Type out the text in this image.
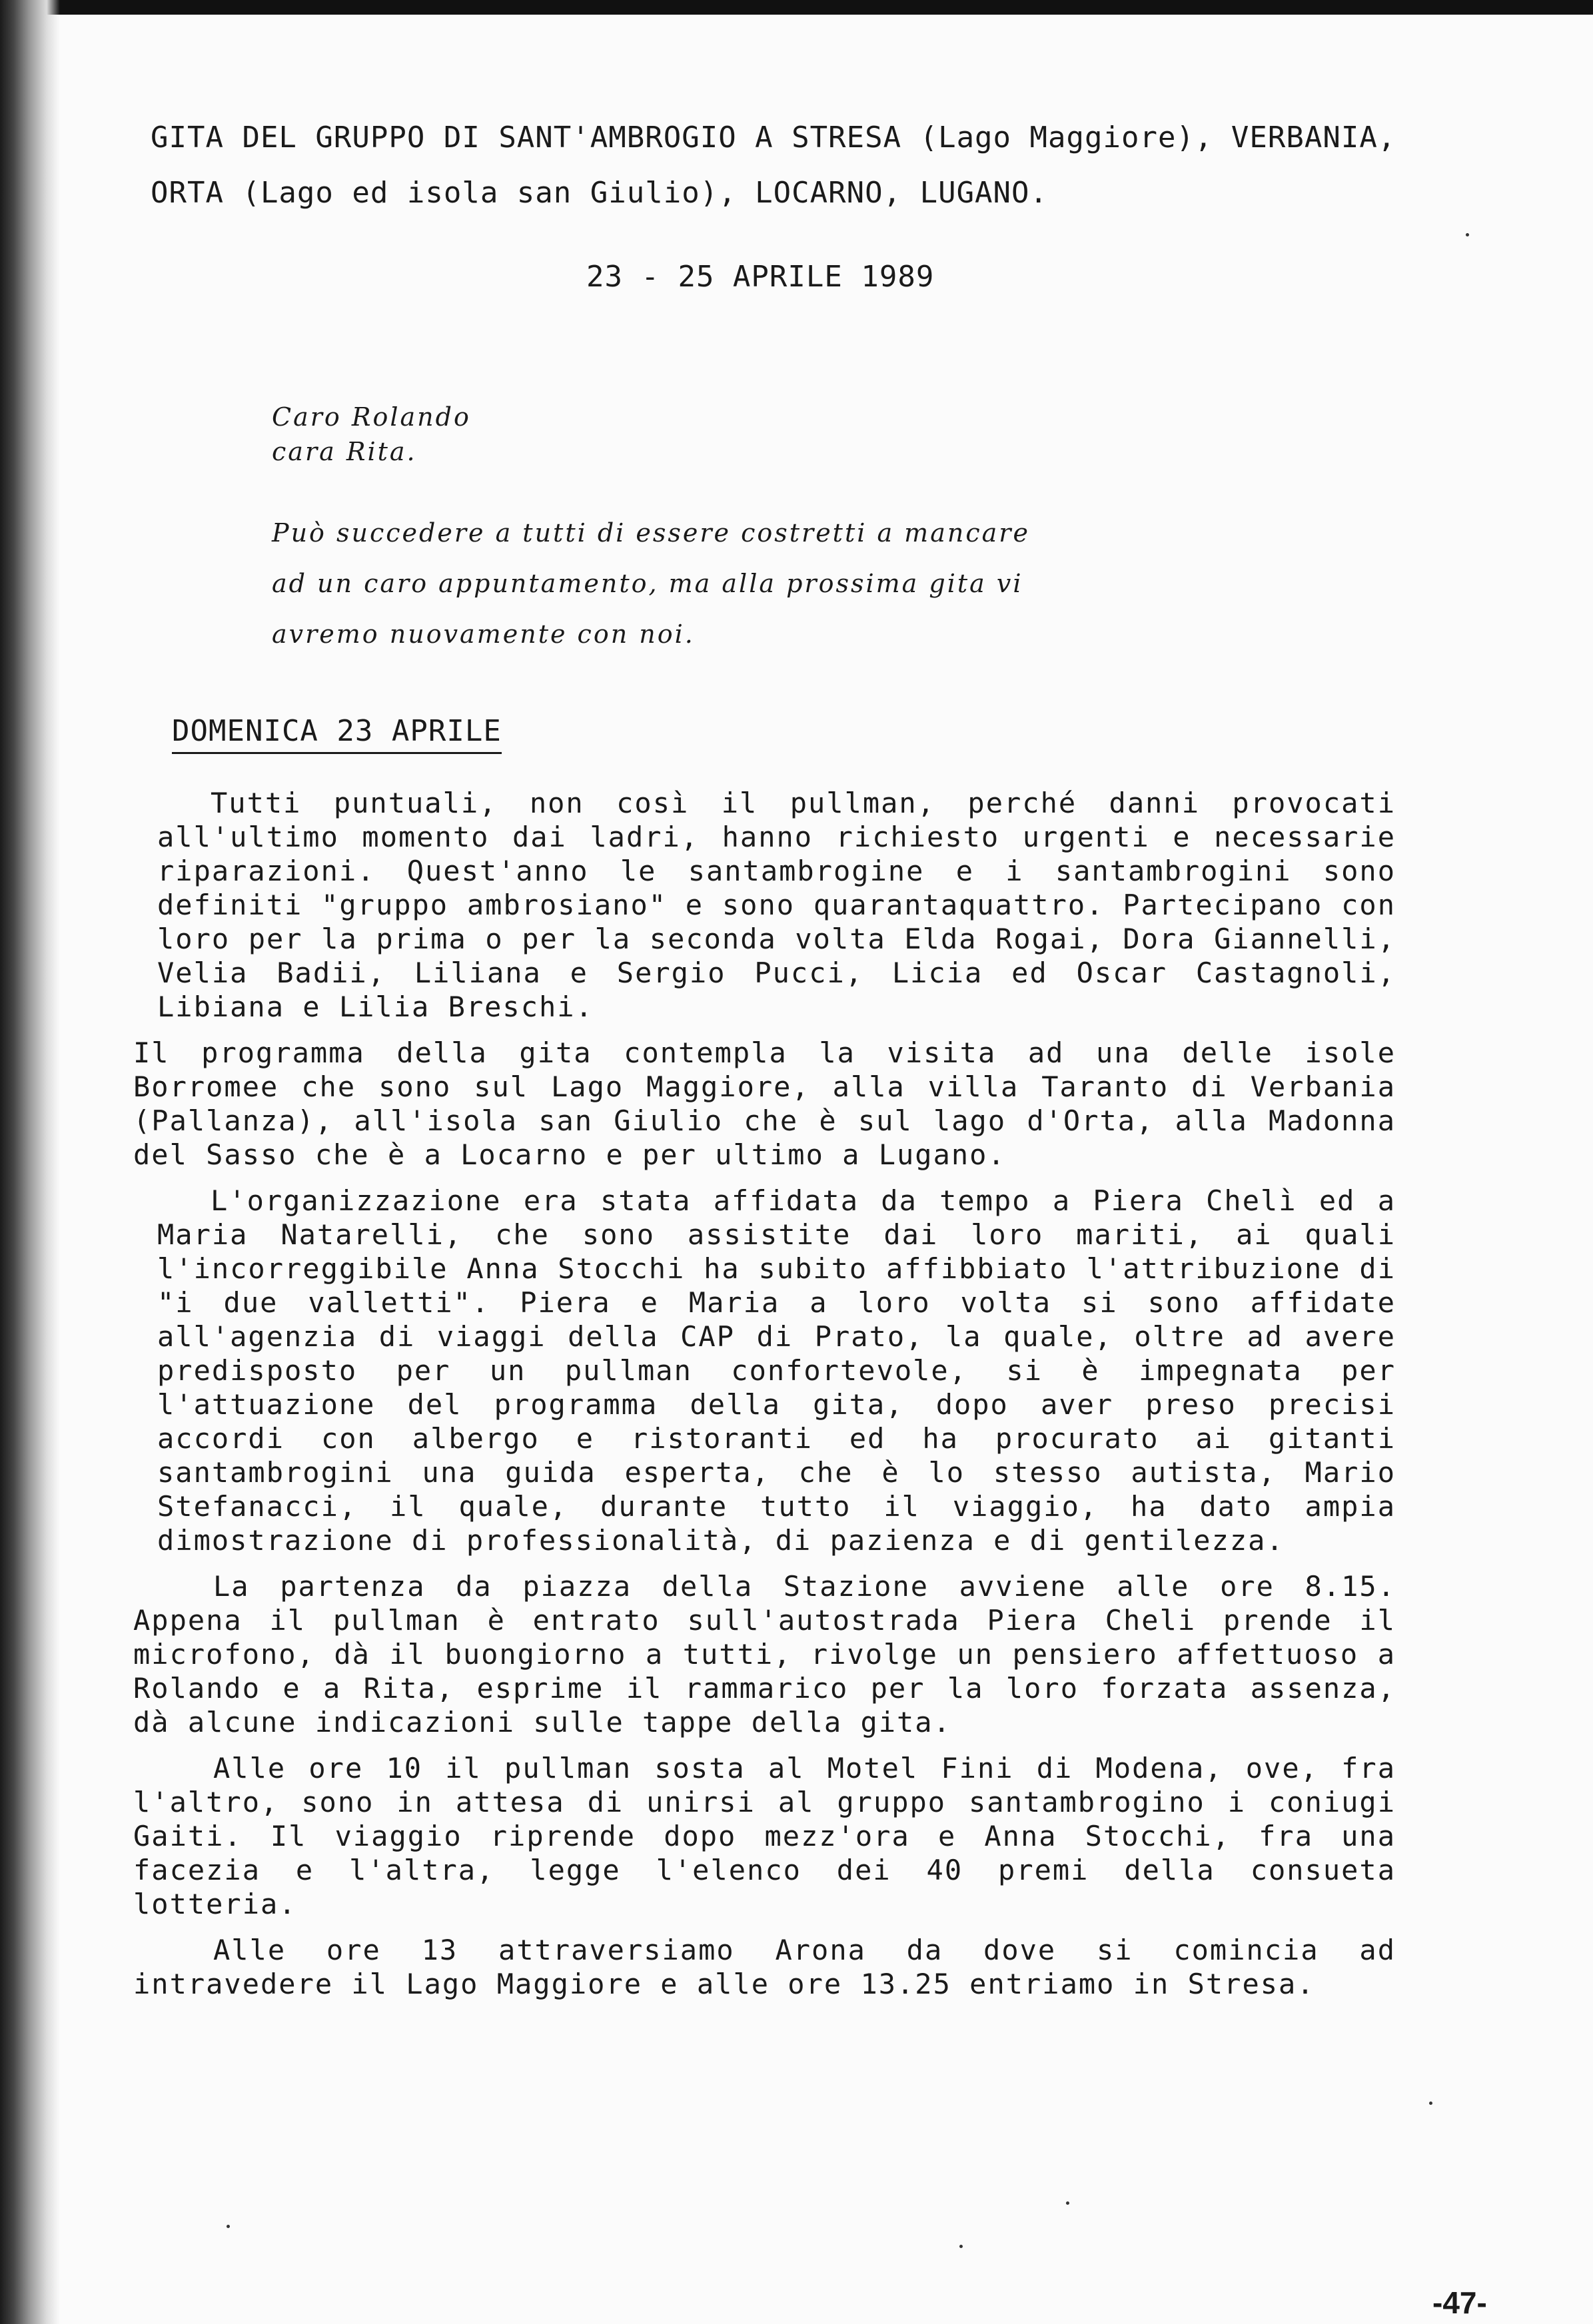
GITA DEL GRUPPO DI SANT'AMBROGIO A STRESA (Lago Maggiore), VERBANIA,
ORTA (Lago ed isola san Giulio), LOCARNO, LUGANO.
23 - 25 APRILE 1989
Caro Rolando
cara Rita.
Può succedere a tutti di essere costretti a mancare
ad un caro appuntamento, ma alla prossima gita vi
avremo nuovamente con noi.
DOMENICA 23 APRILE

Tutti puntuali, non così il pullman, perché danni provocati all'ultimo momento dai ladri, hanno richiesto urgenti e necessarie riparazioni. Quest'anno le santambrogine e i santambrogini sono definiti "gruppo ambrosiano" e sono quarantaquattro. Partecipano con loro per la prima o per la seconda volta Elda Rogai, Dora Giannelli, Velia Badii, Liliana e Sergio Pucci, Licia ed Oscar Castagnoli, Libiana e Lilia Breschi.

Il programma della gita contempla la visita ad una delle isole Borromee che sono sul Lago Maggiore, alla villa Taranto di Verbania (Pallanza), all'isola san Giulio che è sul lago d'Orta, alla Madonna del Sasso che è a Locarno e per ultimo a Lugano.

L'organizzazione era stata affidata da tempo a Piera Chelì ed a Maria Natarelli, che sono assistite dai loro mariti, ai quali l'incorreggibile Anna Stocchi ha subito affibbiato l'attribuzione di "i due valletti". Piera e Maria a loro volta si sono affidate all'agenzia di viaggi della CAP di Prato, la quale, oltre ad avere predisposto per un pullman confortevole, si è impegnata per l'attuazione del programma della gita, dopo aver preso precisi accordi con albergo e ristoranti ed ha procurato ai gitanti santambrogini una guida esperta, che è lo stesso autista, Mario Stefanacci, il quale, durante tutto il viaggio, ha dato ampia dimostrazione di professionalità, di pazienza e di gentilezza.

La partenza da piazza della Stazione avviene alle ore 8.15. Appena il pullman è entrato sull'autostrada Piera Cheli prende il microfono, dà il buongiorno a tutti, rivolge un pensiero affettuoso a Rolando e a Rita, esprime il rammarico per la loro forzata assenza, dà alcune indicazioni sulle tappe della gita.

Alle ore 10 il pullman sosta al Motel Fini di Modena, ove, fra l'altro, sono in attesa di unirsi al gruppo santambrogino i coniugi Gaiti. Il viaggio riprende dopo mezz'ora e Anna Stocchi, fra una facezia e l'altra, legge l'elenco dei 40 premi della consueta lotteria.

Alle ore 13 attraversiamo Arona da dove si comincia ad intravedere il Lago Maggiore e alle ore 13.25 entriamo in Stresa.

-47-
